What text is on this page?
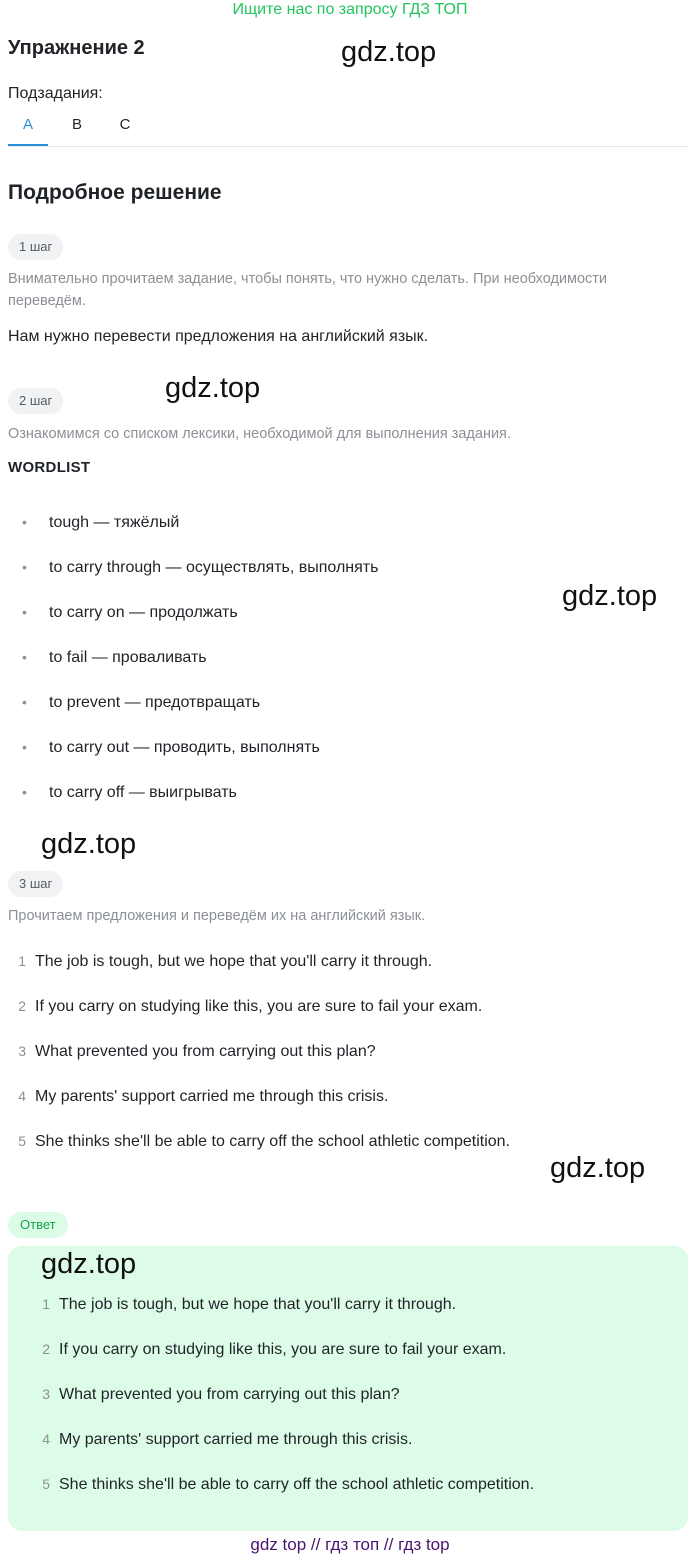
Ищите нас по запросу ГДЗ ТОП
Упражнение 2	gdz.top
gdz.top
gdz.top
gdz.top
gdz.top
Подзадания:
A	B	C
Подробное решение
1 шаг
Внимательно прочитаем задание, чтобы понять, что нужно сделать. При необходимости переведём.
Нам нужно перевести предложения на английский язык.
2 шаг
Ознакомимся со списком лексики, необходимой для выполнения задания.
WORDLIST
• tough — тяжёлый
• to carry through — осуществлять, выполнять
• to carry on — продолжать
• to fail — проваливать
• to prevent — предотвращать
• to carry out — проводить, выполнять
• to carry off — выигрывать
3 шаг
Прочитаем предложения и переведём их на английский язык.
1 The job is tough, but we hope that you'll carry it through.
2 If you carry on studying like this, you are sure to fail your exam.
3 What prevented you from carrying out this plan?
4 My parents' support carried me through this crisis.
5 She thinks she'll be able to carry off the school athletic competition.
Ответ
gdz.top
1 The job is tough, but we hope that you'll carry it through.
2 If you carry on studying like this, you are sure to fail your exam.
3 What prevented you from carrying out this plan?
4 My parents' support carried me through this crisis.
5 She thinks she'll be able to carry off the school athletic competition.
gdz top // гдз топ // гдз top
